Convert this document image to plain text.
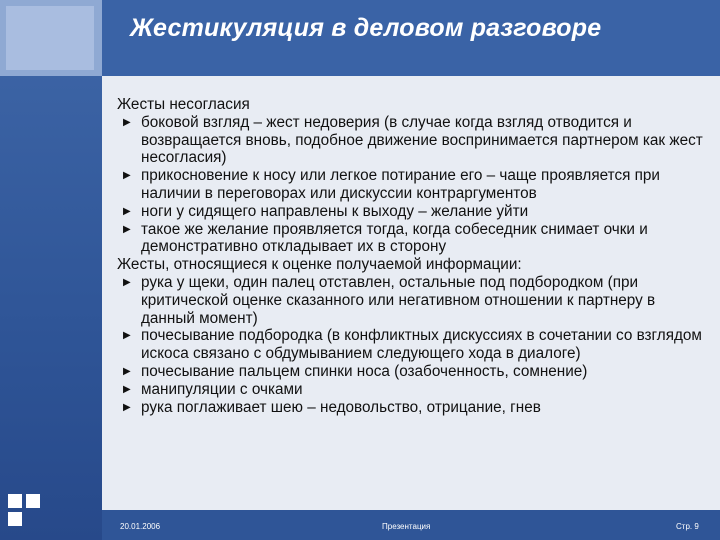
Жестикуляция в деловом разговоре

Жесты несогласия

▶ боковой взгляд – жест недоверия (в случае когда взгляд отводится и возвращается вновь, подобное движение воспринимается партнером как жест несогласия)
▶ прикосновение к носу или легкое потирание его – чаще проявляется при наличии в переговорах или дискуссии контраргументов
▶ ноги у сидящего направлены к выходу – желание уйти
▶ такое же желание проявляется тогда, когда собеседник снимает очки и демонстративно откладывает их в сторону

Жесты, относящиеся к оценке получаемой информации:

▶ рука у щеки, один палец отставлен, остальные под подбородком (при критической оценке сказанного или негативном отношении к партнеру в данный момент)
▶ почесывание подбородка (в конфликтных дискуссиях в сочетании со взглядом искоса связано с обдумыванием следующего хода в диалоге)
▶ почесывание пальцем спинки носа (озабоченность, сомнение)
▶ манипуляции с очками
▶ рука поглаживает шею – недовольство, отрицание, гнев
20.01.2006	Презентация	Стр. 9
